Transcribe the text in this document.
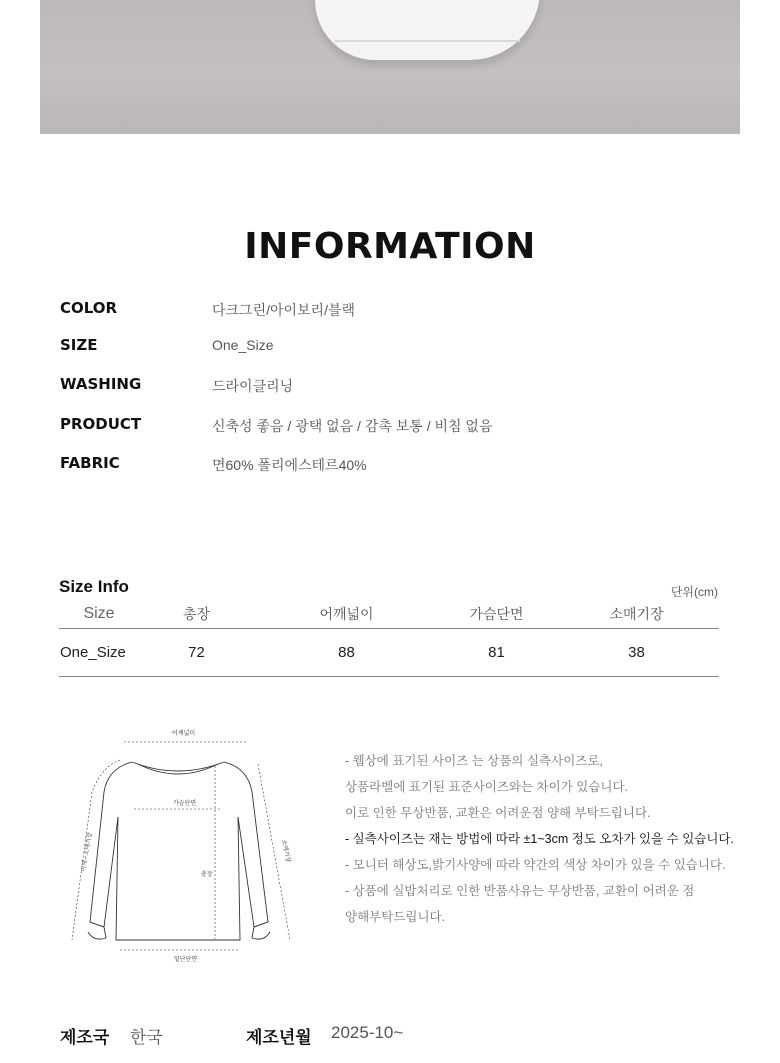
INFORMATION
COLOR	다크그린/아이보리/블랙
SIZE	One_Size
WASHING	드라이클리닝
PRODUCT	신축성 좋음 / 광택 없음 / 감촉 보통 / 비침 없음
FABRIC	면60% 폴리에스테르40%
Size Info	단위(cm)
Size	총장	어깨넓이	가슴단면	소매기장
One_Size	72	88	81	38
어깨넓이
가슴단면
총장
밑단단면
어깨~소매기장	소매기장

- 웹상에 표기된 사이즈 는 상품의 실측사이즈로,

상품라벨에 표기된 표준사이즈와는 차이가 있습니다.

이로 인한 무상반품, 교환은 어려운점 양해 부탁드립니다.

- 실측사이즈는 재는 방법에 따라 ±1~3cm 정도 오차가 있을 수 있습니다.

- 모니터 해상도,밝기사양에 따라 약간의 색상 차이가 있을 수 있습니다.

- 상품에 실밥처리로 인한 반품사유는 무상반품, 교환이 어려운 점

양해부탁드립니다.

제조국 한국	제조년월 2025-10~
